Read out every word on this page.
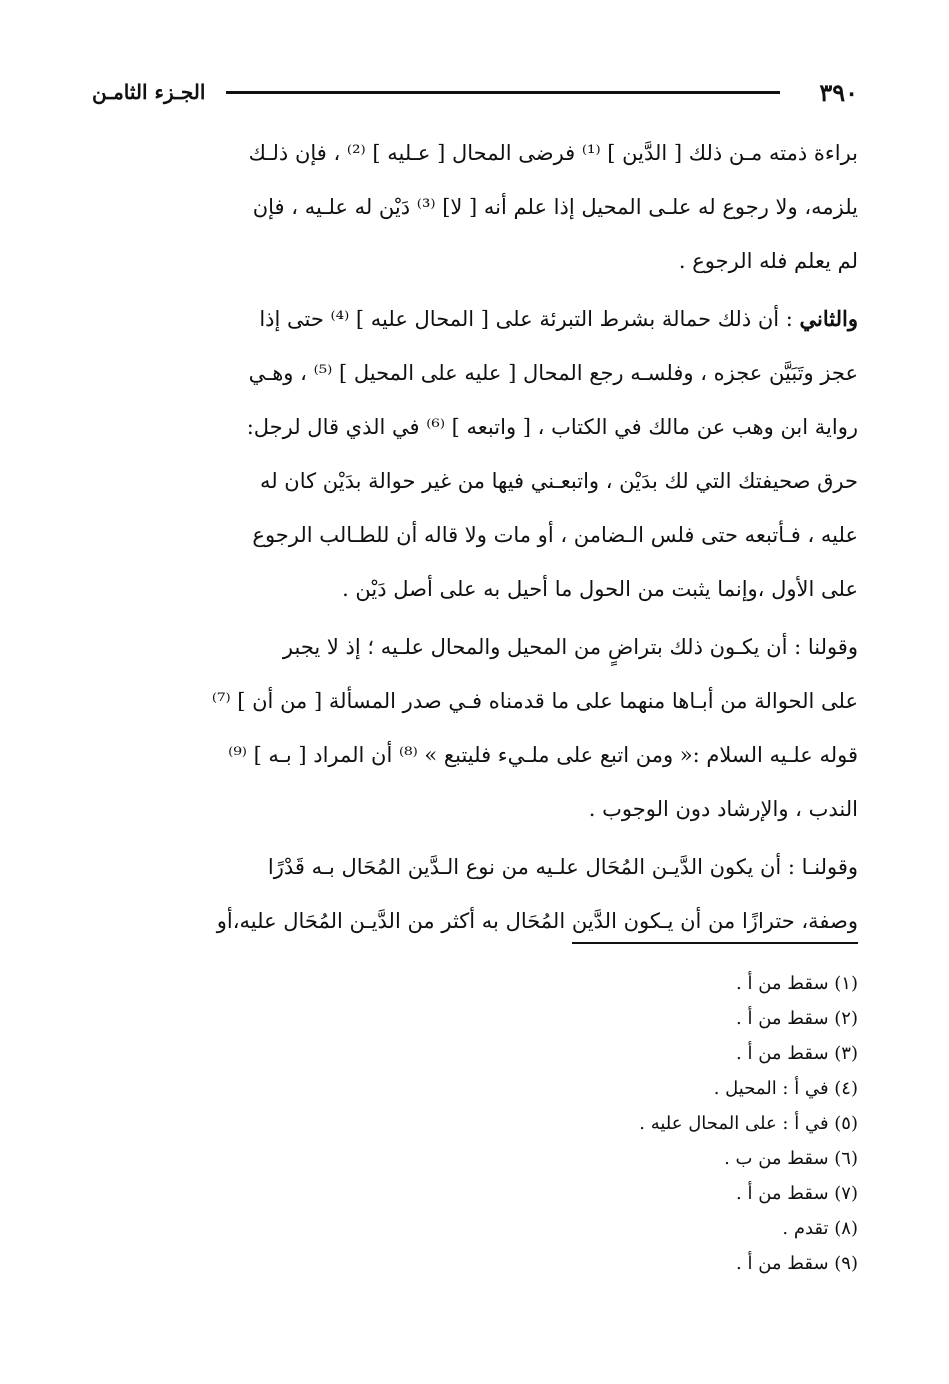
٣٩٠
الجـزء الثامـن

براءة ذمته مـن ذلك [ الدَّين ] ⁽¹⁾ فرضى المحال [ عـليه ] ⁽²⁾ ، فإن ذلـك
يلزمه، ولا رجوع له علـى المحيل إذا علم أنه [ لا] ⁽³⁾ دَيْن له علـيه ، فإن
لم يعلم فله الرجوع .

والثاني : أن ذلك حمالة بشرط التبرئة على [ المحال عليه ] ⁽⁴⁾ حتى إذا
عجز وتَبَيَّن عجزه ، وفلسـه رجع المحال [ عليه على المحيل ] ⁽⁵⁾ ، وهـي
رواية ابن وهب عن مالك في الكتاب ، [ واتبعه ] ⁽⁶⁾ في الذي قال لرجل:
حرق صحيفتك التي لك بدَيْن ، واتبعـني فيها من غير حوالة بدَيْن كان له
عليه ، فـأتبعه حتى فلس الـضامن ، أو مات ولا قاله أن للطـالب الرجوع
على الأول ،وإنما يثبت من الحول ما أحيل به على أصل دَيْن .

وقولنا : أن يكـون ذلك بتراضٍ من المحيل والمحال علـيه ؛ إذ لا يجبر
على الحوالة من أبـاها منهما على ما قدمناه فـي صدر المسألة [ من أن ] ⁽⁷⁾
قوله علـيه السلام :« ومن اتبع على ملـيء فليتبع » ⁽⁸⁾ أن المراد [ بـه ] ⁽⁹⁾
الندب ، والإرشاد دون الوجوب .

وقولنـا : أن يكون الدَّيـن المُحَال علـيه من نوع الـدَّين المُحَال بـه قَدْرًا
وصفة، حترازًا من أن يـكون الدَّين المُحَال به أكثر من الدَّيـن المُحَال عليه،أو

(١) سقط من أ .
(٢) سقط من أ .
(٣) سقط من أ .
(٤) في أ : المحيل .
(٥) في أ : على المحال عليه .
(٦) سقط من ب .
(٧) سقط من أ .
(٨) تقدم .
(٩) سقط من أ .
